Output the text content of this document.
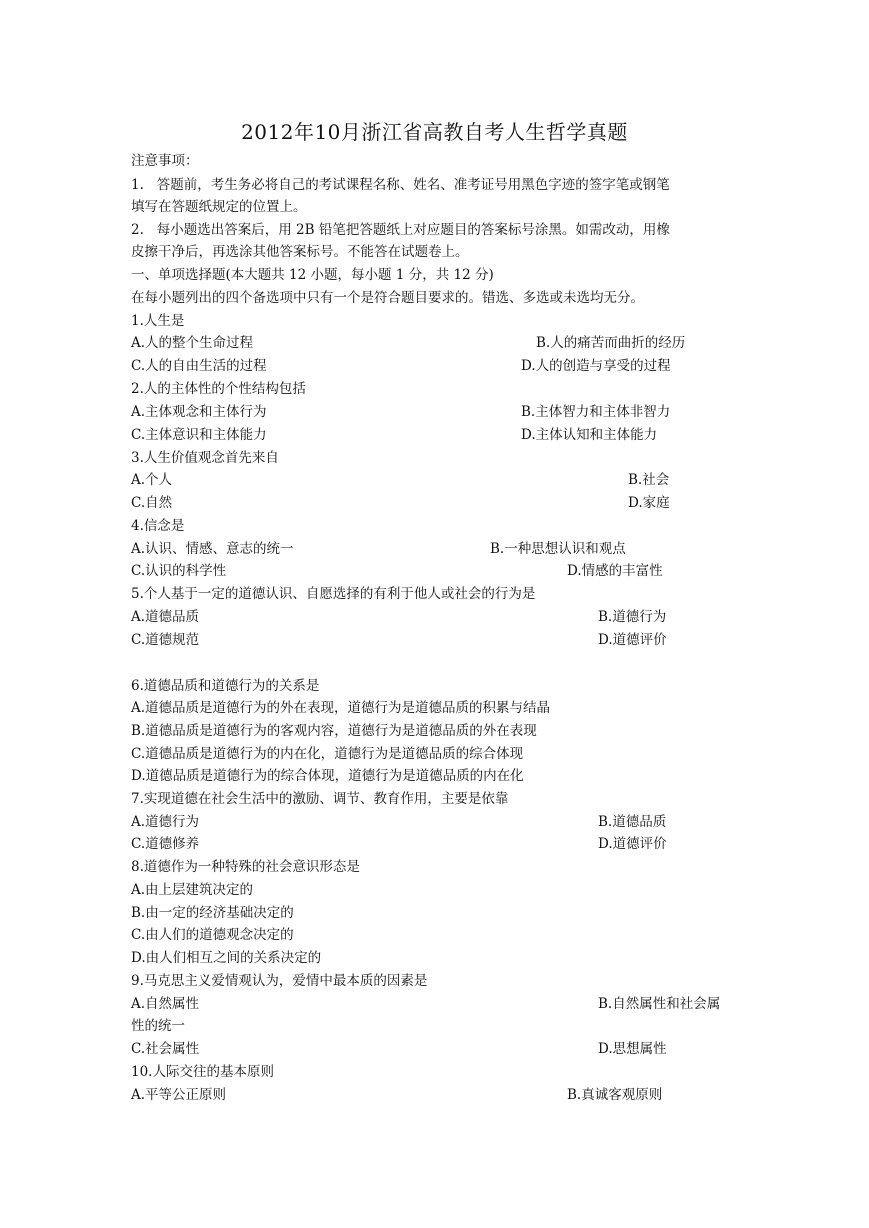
2012年10月浙江省高教自考人生哲学真题
注意事项：
1.   答题前，考生务必将自己的考试课程名称、姓名、准考证号用黑色字迹的签字笔或钢笔
填写在答题纸规定的位置上。
2.   每小题选出答案后，用 2B 铅笔把答题纸上对应题目的答案标号涂黑。如需改动，用橡
皮擦干净后，再选涂其他答案标号。不能答在试题卷上。
一、单项选择题(本大题共 12 小题，每小题 1 分，共 12 分)
在每小题列出的四个备选项中只有一个是符合题目要求的。错选、多选或未选均无分。
1.人生是
A.人的整个生命过程	B.人的痛苦而曲折的经历
C.人的自由生活的过程	D.人的创造与享受的过程
2.人的主体性的个性结构包括
A.主体观念和主体行为	B.主体智力和主体非智力
C.主体意识和主体能力	D.主体认知和主体能力
3.人生价值观念首先来自
A.个人	B.社会
C.自然	D.家庭
4.信念是
A.认识、情感、意志的统一	B.一种思想认识和观点
C.认识的科学性	D.情感的丰富性
5.个人基于一定的道德认识、自愿选择的有利于他人或社会的行为是
A.道德品质	B.道德行为
C.道德规范	D.道德评价
6.道德品质和道德行为的关系是
A.道德品质是道德行为的外在表现，道德行为是道德品质的积累与结晶
B.道德品质是道德行为的客观内容，道德行为是道德品质的外在表现
C.道德品质是道德行为的内在化，道德行为是道德品质的综合体现
D.道德品质是道德行为的综合体现，道德行为是道德品质的内在化
7.实现道德在社会生活中的激励、调节、教育作用，主要是依靠
A.道德行为	B.道德品质
C.道德修养	D.道德评价
8.道德作为一种特殊的社会意识形态是
A.由上层建筑决定的
B.由一定的经济基础决定的
C.由人们的道德观念决定的
D.由人们相互之间的关系决定的
9.马克思主义爱情观认为，爱情中最本质的因素是
A.自然属性	B.自然属性和社会属
性的统一
C.社会属性	D.思想属性
10.人际交往的基本原则
A.平等公正原则	B.真诚客观原则
